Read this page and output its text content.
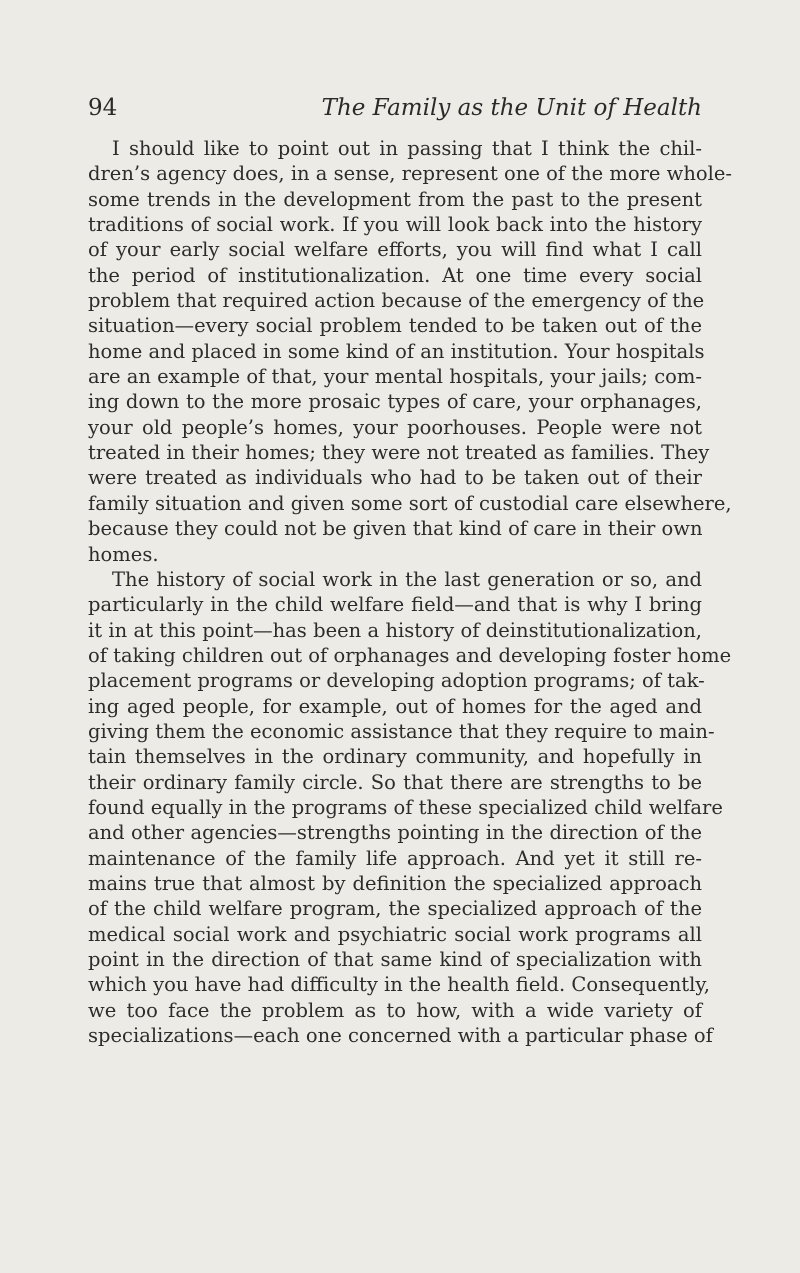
94	The Family as the Unit of Health
I should like to point out in passing that I think the chil-
dren’s agency does, in a sense, represent one of the more whole-
some trends in the development from the past to the present
traditions of social work. If you will look back into the history
of your early social welfare efforts, you will find what I call
the period of institutionalization. At one time every social
problem that required action because of the emergency of the
situation—every social problem tended to be taken out of the
home and placed in some kind of an institution. Your hospitals
are an example of that, your mental hospitals, your jails; com-
ing down to the more prosaic types of care, your orphanages,
your old people’s homes, your poorhouses. People were not
treated in their homes; they were not treated as families. They
were treated as individuals who had to be taken out of their
family situation and given some sort of custodial care elsewhere,
because they could not be given that kind of care in their own
homes.
The history of social work in the last generation or so, and
particularly in the child welfare field—and that is why I bring
it in at this point—has been a history of deinstitutionalization,
of taking children out of orphanages and developing foster home
placement programs or developing adoption programs; of tak-
ing aged people, for example, out of homes for the aged and
giving them the economic assistance that they require to main-
tain themselves in the ordinary community, and hopefully in
their ordinary family circle. So that there are strengths to be
found equally in the programs of these specialized child welfare
and other agencies—strengths pointing in the direction of the
maintenance of the family life approach. And yet it still re-
mains true that almost by definition the specialized approach
of the child welfare program, the specialized approach of the
medical social work and psychiatric social work programs all
point in the direction of that same kind of specialization with
which you have had difficulty in the health field. Consequently,
we too face the problem as to how, with a wide variety of
specializations—each one concerned with a particular phase of
